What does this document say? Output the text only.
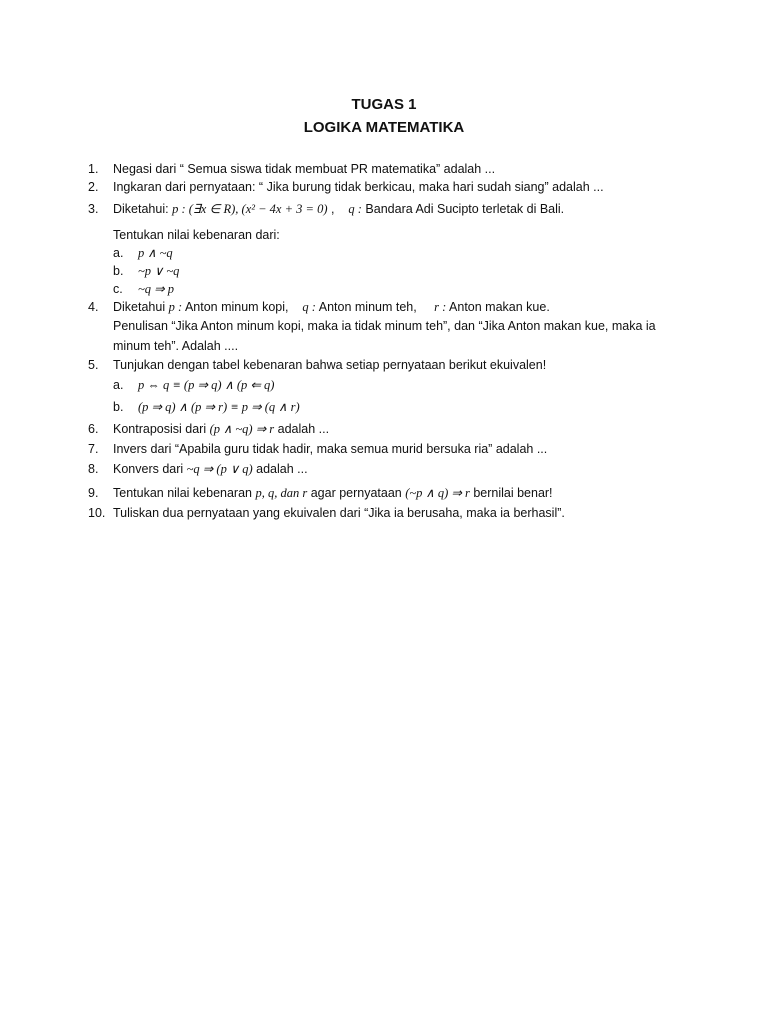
TUGAS 1
LOGIKA MATEMATIKA
1. Negasi dari “ Semua siswa tidak membuat PR matematika” adalah ...
2. Ingkaran dari pernyataan: “ Jika burung tidak berkicau, maka hari sudah siang” adalah ...
3. Diketahui: p : (∃x ∈ R), (x² − 4x + 3 = 0) ,    q : Bandara Adi Sucipto terletak di Bali.
Tentukan nilai kebenaran dari:
a. p ∧ ~q
b. ~p ∨ ~q
c. ~q ⇒ p
4. Diketahui p : Anton minum kopi, q : Anton minum teh, r : Anton makan kue.
Penulisan “Jika Anton minum kopi, maka ia tidak minum teh”, dan “Jika Anton makan kue, maka ia minum teh”. Adalah ....
5. Tunjukan dengan tabel kebenaran bahwa setiap pernyataan berikut ekuivalen!
a. p ⇔ q ≡ (p ⇒ q) ∧ (p ⇐ q)
b. (p ⇒ q) ∧ (p ⇒ r) ≡ p ⇒ (q ∧ r)
6. Kontraposisi dari (p ∧ ~q) ⇒ r adalah ...
7. Invers dari “Apabila guru tidak hadir, maka semua murid bersuka ria” adalah ...
8. Konvers dari ~q ⇒ (p ∨ q) adalah ...
9. Tentukan nilai kebenaran p, q, dan r agar pernyataan (~p ∧ q) ⇒ r bernilai benar!
10. Tuliskan dua pernyataan yang ekuivalen dari “Jika ia berusaha, maka ia berhasil”.
